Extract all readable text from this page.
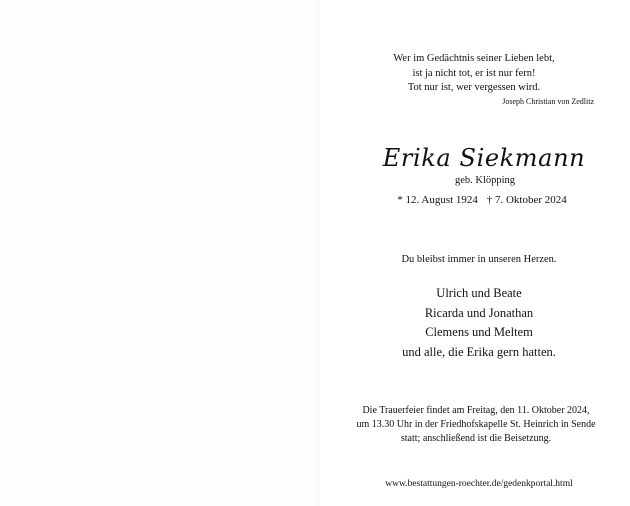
Wer im Gedächtnis seiner Lieben lebt,
ist ja nicht tot, er ist nur fern!
Tot nur ist, wer vergessen wird.
Joseph Christian von Zedlitz
Erika Siekmann
geb. Klöpping
* 12. August 1924 † 7. Oktober 2024
Du bleibst immer in unseren Herzen.
Ulrich und Beate
Ricarda und Jonathan
Clemens und Meltem
und alle, die Erika gern hatten.
Die Trauerfeier findet am Freitag, den 11. Oktober 2024,
um 13.30 Uhr in der Friedhofskapelle St. Heinrich in Sende
statt; anschließend ist die Beisetzung.
www.bestattungen-roechter.de/gedenkportal.html
